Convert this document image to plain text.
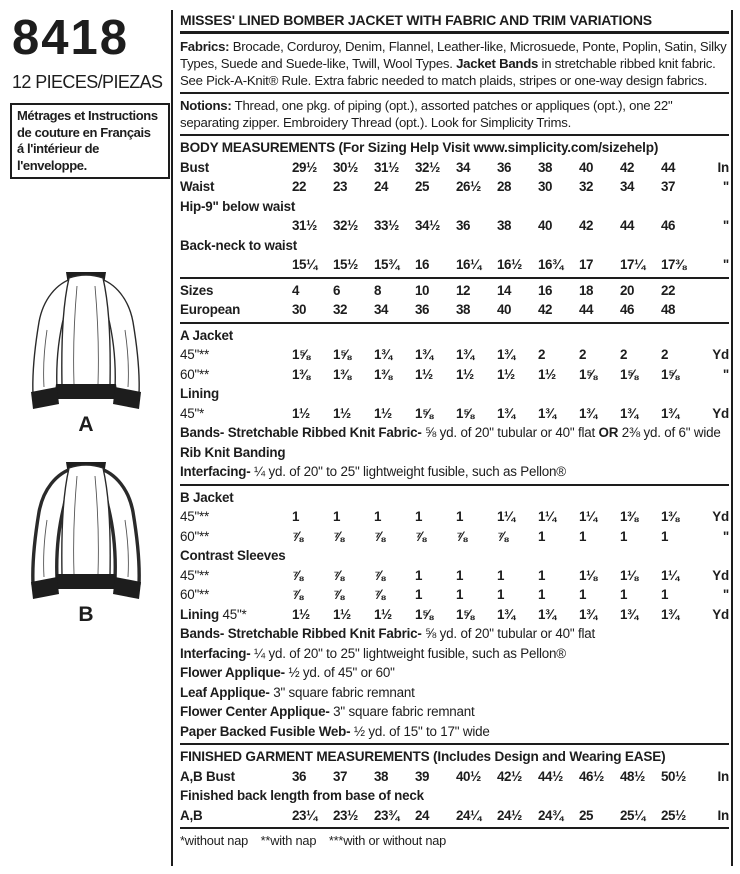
8418
12 PIECES/PIEZAS
Métrages et Instructions
de couture en Français
á l'intérieur de
l'enveloppe.
A
B
MISSES' LINED BOMBER JACKET WITH FABRIC AND TRIM VARIATIONS
Fabrics: Brocade, Corduroy, Denim, Flannel, Leather-like, Microsuede, Ponte, Poplin, Satin, Silky Types, Suede and Suede-like, Twill, Wool Types. Jacket Bands in stretchable ribbed knit fabric. See Pick-A-Knit® Rule. Extra fabric needed to match plaids, stripes or one-way design fabrics.
Notions: Thread, one pkg. of piping (opt.), assorted patches or appliques (opt.), one 22" separating zipper. Embroidery Thread (opt.). Look for Simplicity Trims.
BODY MEASUREMENTS (For Sizing Help Visit www.simplicity.com/sizehelp)
Bust	29½	30½	31½	32½	34	36	38	40	42	44	In
Waist	22	23	24	25	26½	28	30	32	34	37	"
Hip-9" below waist
31½	32½	33½	34½	36	38	40	42	44	46	"
Back-neck to waist
15¼	15½	15¾	16	16¼	16½	16¾	17	17¼	17⅜	"
Sizes	4	6	8	10	12	14	16	18	20	22
European	30	32	34	36	38	40	42	44	46	48
A Jacket
45"**	1⅝	1⅝	1¾	1¾	1¾	1¾	2	2	2	2	Yd
60"**	1⅜	1⅜	1⅜	1½	1½	1½	1½	1⅝	1⅝	1⅝	"
Lining
45"*	1½	1½	1½	1⅝	1⅝	1¾	1¾	1¾	1¾	1¾	Yd
Bands- Stretchable Ribbed Knit Fabric- ⅝ yd. of 20" tubular or 40" flat OR 2⅜ yd. of 6" wide Rib Knit Banding
Interfacing- ¼ yd. of 20" to 25" lightweight fusible, such as Pellon®
B Jacket
45"**	1	1	1	1	1	1¼	1¼	1¼	1⅜	1⅜	Yd
60"**	⅞	⅞	⅞	⅞	⅞	⅞	1	1	1	1	"
Contrast Sleeves
45"**	⅞	⅞	⅞	1	1	1	1	1⅛	1⅛	1¼	Yd
60"**	⅞	⅞	⅞	1	1	1	1	1	1	1	"
Lining 45"*	1½	1½	1½	1⅝	1⅝	1¾	1¾	1¾	1¾	1¾	Yd
Bands- Stretchable Ribbed Knit Fabric- ⅝ yd. of 20" tubular or 40" flat
Interfacing- ¼ yd. of 20" to 25" lightweight fusible, such as Pellon®
Flower Applique- ½ yd. of 45" or 60"
Leaf Applique- 3" square fabric remnant
Flower Center Applique- 3" square fabric remnant
Paper Backed Fusible Web- ½ yd. of 15" to 17" wide
FINISHED GARMENT MEASUREMENTS (Includes Design and Wearing EASE)
A,B Bust	36	37	38	39	40½	42½	44½	46½	48½	50½	In
Finished back length from base of neck
A,B	23¼	23½	23¾	24	24¼	24½	24¾	25	25¼	25½	In
*without nap **with nap ***with or without nap
